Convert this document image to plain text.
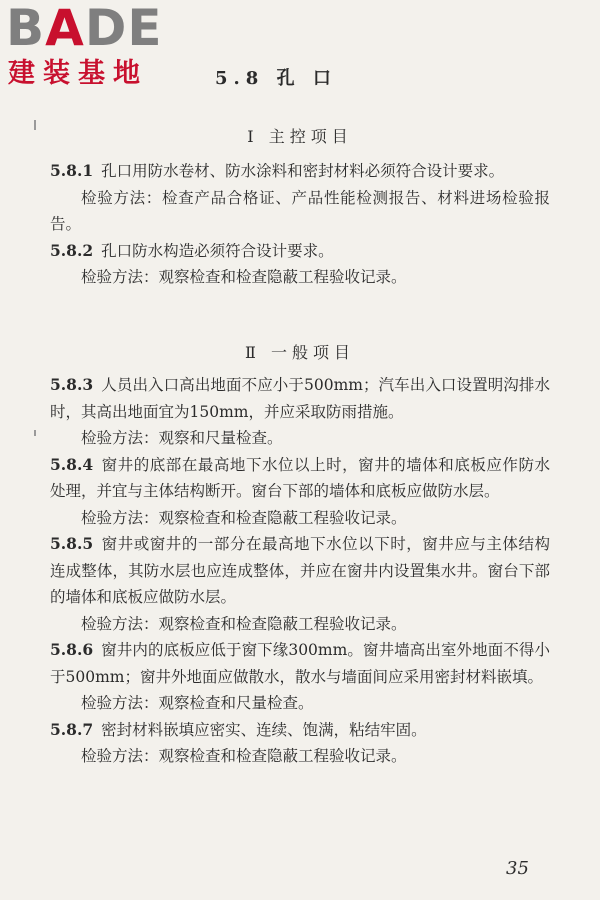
BADE
建装基地	5.8 孔 口
Ⅰ 主控项目

5.8.1 孔口用防水卷材、防水涂料和密封材料必须符合设计要求。

检验方法：检查产品合格证、产品性能检测报告、材料进场检验报告。

5.8.2 孔口防水构造必须符合设计要求。

检验方法：观察检查和检查隐蔽工程验收记录。

Ⅱ 一般项目

5.8.3 人员出入口高出地面不应小于500mm；汽车出入口设置明沟排水时，其高出地面宜为150mm，并应采取防雨措施。

检验方法：观察和尺量检查。

5.8.4 窗井的底部在最高地下水位以上时，窗井的墙体和底板应作防水处理，并宜与主体结构断开。窗台下部的墙体和底板应做防水层。

检验方法：观察检查和检查隐蔽工程验收记录。

5.8.5 窗井或窗井的一部分在最高地下水位以下时，窗井应与主体结构连成整体，其防水层也应连成整体，并应在窗井内设置集水井。窗台下部的墙体和底板应做防水层。

检验方法：观察检查和检查隐蔽工程验收记录。

5.8.6 窗井内的底板应低于窗下缘300mm。窗井墙高出室外地面不得小于500mm；窗井外地面应做散水，散水与墙面间应采用密封材料嵌填。

检验方法：观察检查和尺量检查。

5.8.7 密封材料嵌填应密实、连续、饱满，粘结牢固。

检验方法：观察检查和检查隐蔽工程验收记录。

35
